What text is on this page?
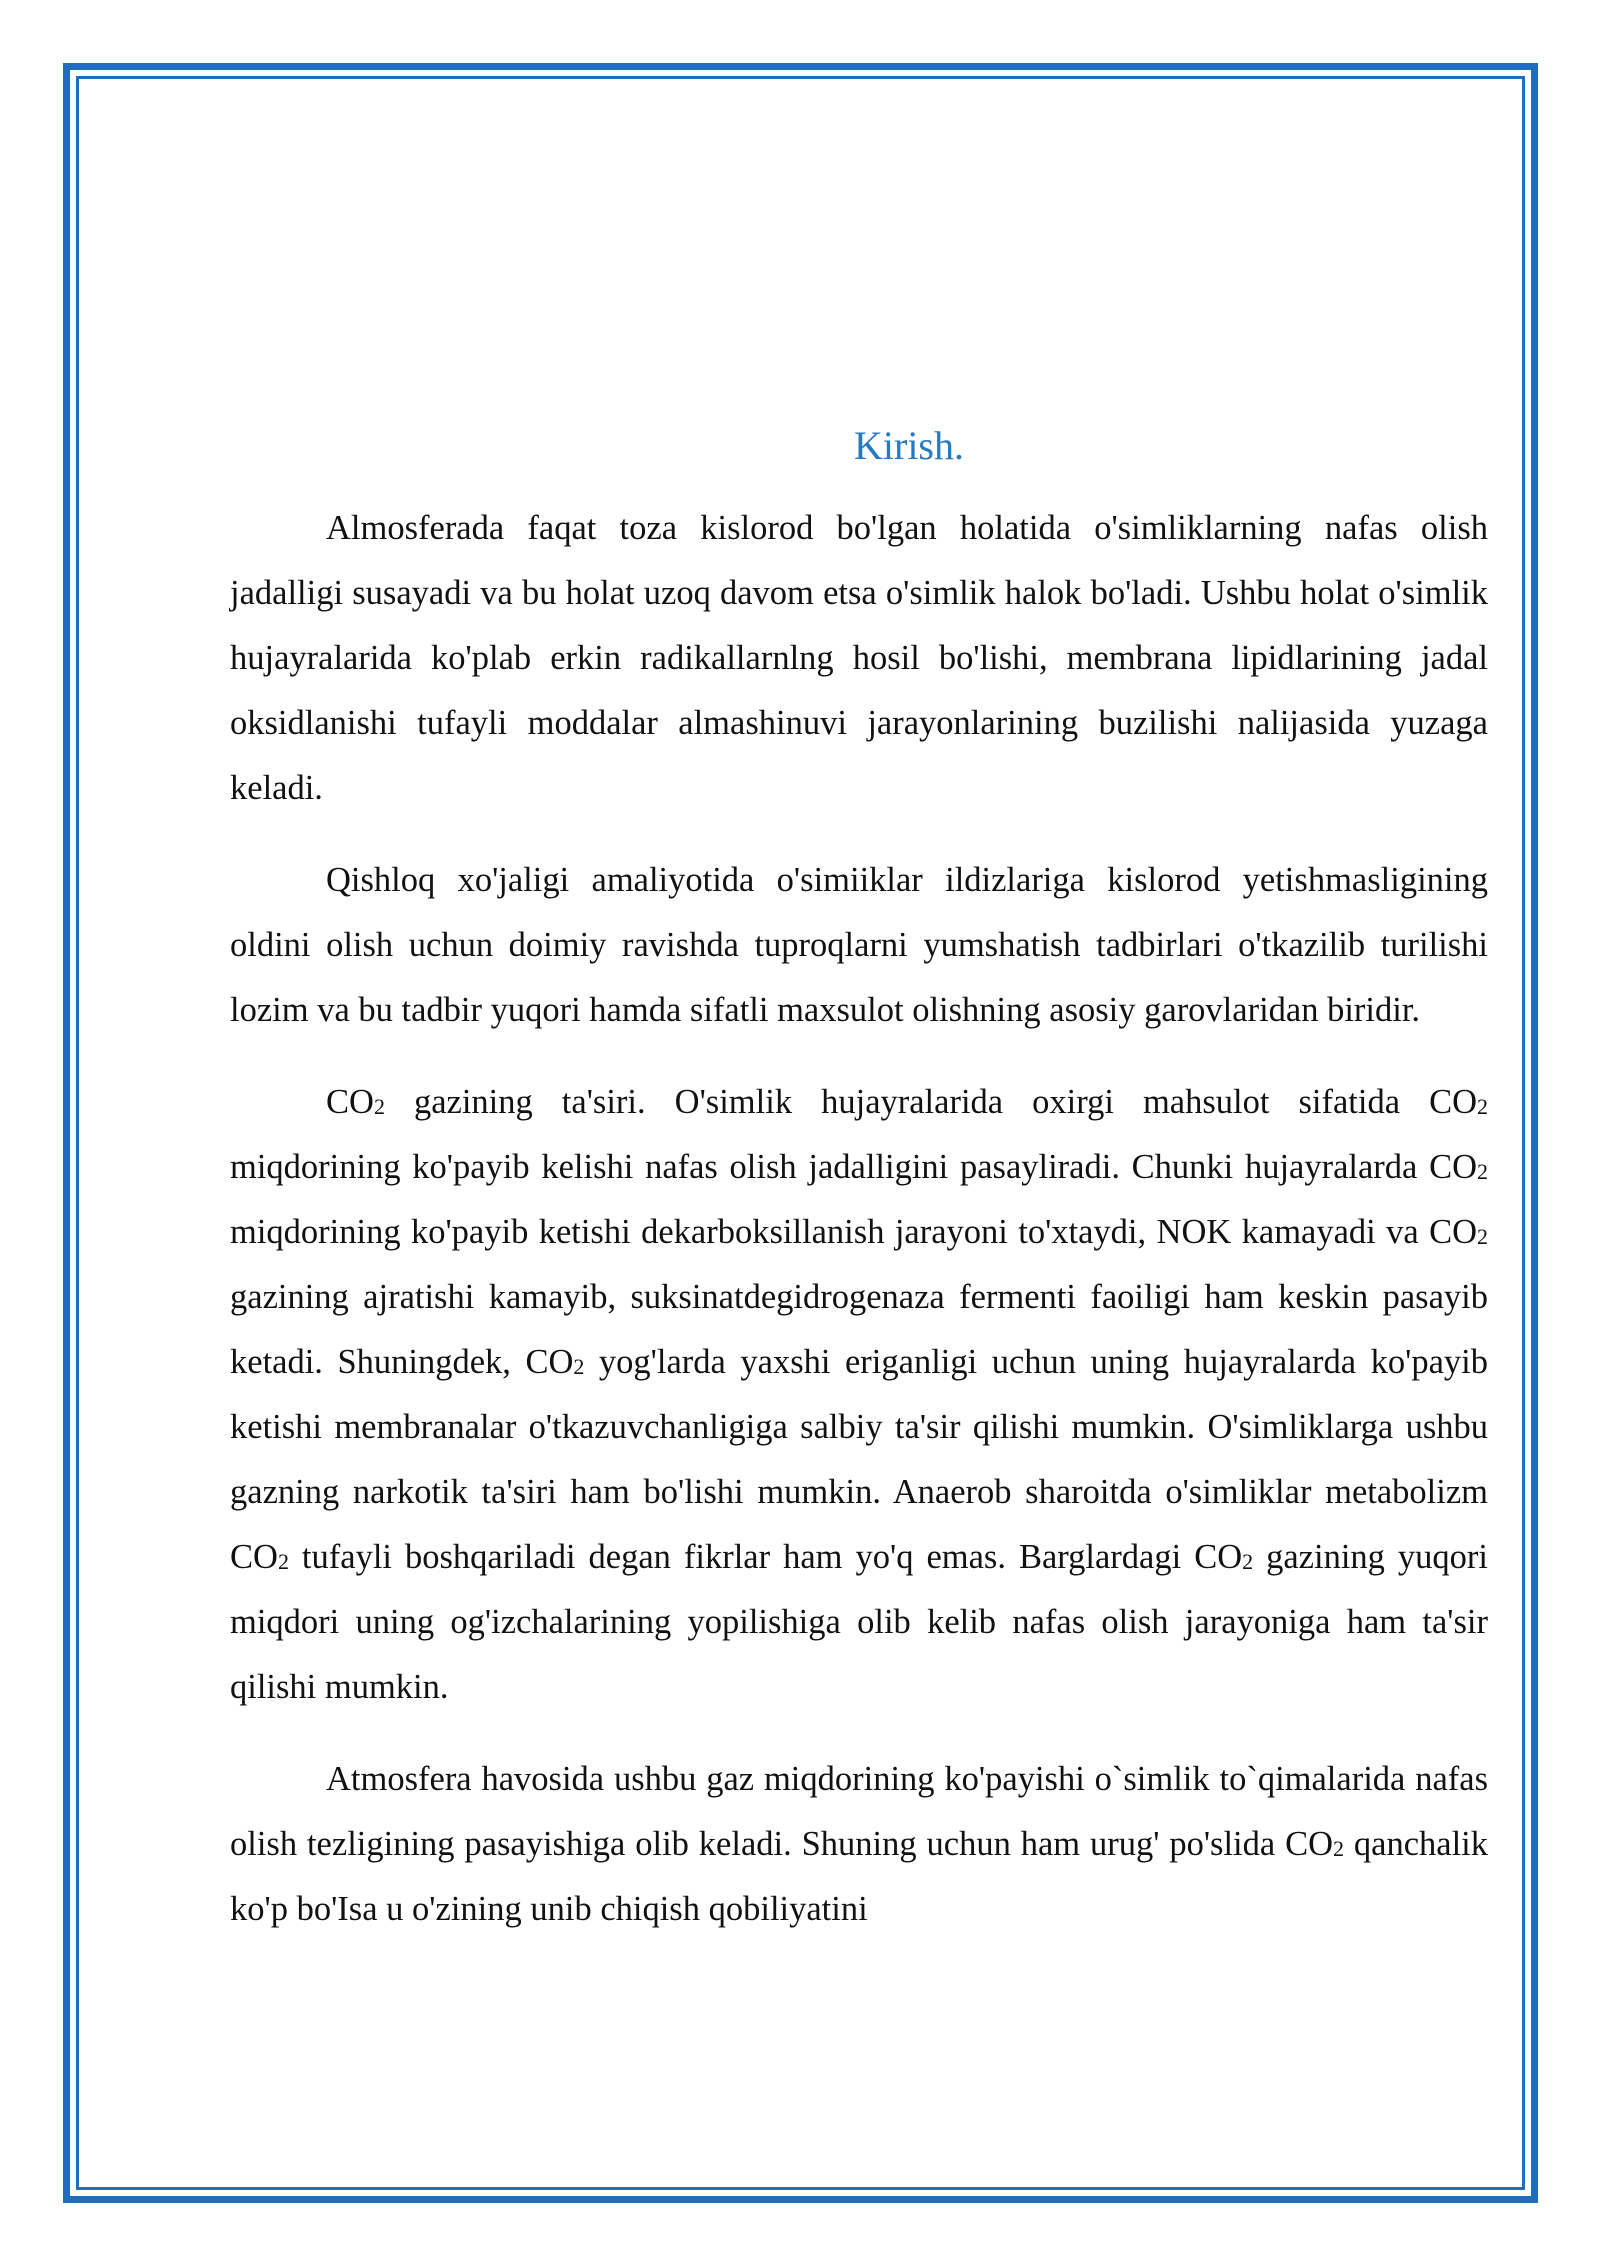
Kirish.

Almosferada faqat toza kislorod bo'lgan holatida o'simliklarning nafas olish jadalligi susayadi va bu holat uzoq davom etsa o'simlik halok bo'ladi. Ushbu holat o'simlik hujayralarida ko'plab erkin radikallarnlng hosil bo'lishi, membrana lipidlarining jadal oksidlanishi tufayli moddalar almashinuvi jarayonlarining buzilishi nalijasida yuzaga keladi.

Qishloq xo'jaligi amaliyotida o'simiiklar ildizlariga kislorod yetishmasligining oldini olish uchun doimiy ravishda tuproqlarni yumshatish tadbirlari o'tkazilib turilishi lozim va bu tadbir yuqori hamda sifatli maxsulot olishning asosiy garovlaridan biridir.

$CO_2$ gazining ta'siri. O'simlik hujayralarida oxirgi mahsulot sifatida $CO_2$ miqdorining ko'payib kelishi nafas olish jadalligini pasayliradi. Chunki hujayralarda $CO_2$ miqdorining ko'payib ketishi dekarboksillanish jarayoni to'xtaydi, NOK kamayadi va $CO_2$ gazining ajratishi kamayib, suksinatdegidrogenaza fermenti faoiligi ham keskin pasayib ketadi. Shuningdek, $CO_2$ yog'larda yaxshi eriganligi uchun uning hujayralarda ko'payib ketishi membranalar o'tkazuvchanligiga salbiy ta'sir qilishi mumkin. O'simliklarga ushbu gazning narkotik ta'siri ham bo'lishi mumkin. Anaerob sharoitda o'simliklar metabolizm $CO_2$ tufayli boshqariladi degan fikrlar ham yo'q emas. Barglardagi $CO_2$ gazining yuqori miqdori uning og'izchalarining yopilishiga olib kelib nafas olish jarayoniga ham ta'sir qilishi mumkin.

Atmosfera havosida ushbu gaz miqdorining ko'payishi o`simlik to`qimalarida nafas olish tezligining pasayishiga olib keladi. Shuning uchun ham urug' po'slida $CO_2$ qanchalik ko'p bo'Isa u o'zining unib chiqish qobiliyatini
